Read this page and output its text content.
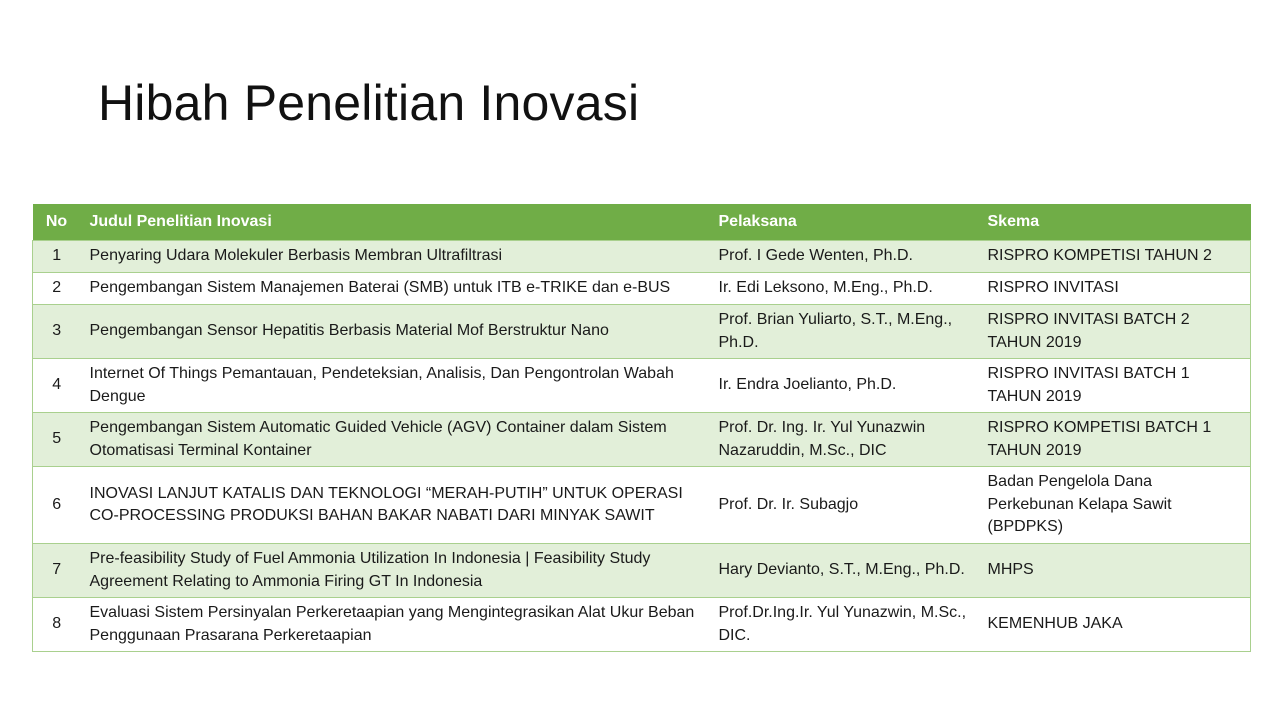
Hibah Penelitian Inovasi
No	Judul Penelitian Inovasi	Pelaksana	Skema
1	Penyaring Udara Molekuler Berbasis Membran Ultrafiltrasi	Prof. I Gede Wenten, Ph.D.	RISPRO KOMPETISI TAHUN 2
2	Pengembangan Sistem Manajemen Baterai (SMB) untuk ITB e-TRIKE dan e-BUS	Ir. Edi Leksono, M.Eng., Ph.D.	RISPRO INVITASI
3	Pengembangan Sensor Hepatitis Berbasis Material Mof Berstruktur Nano	Prof. Brian Yuliarto, S.T., M.Eng., Ph.D.	RISPRO INVITASI BATCH 2 TAHUN 2019
4	Internet Of Things Pemantauan, Pendeteksian, Analisis, Dan Pengontrolan Wabah Dengue	Ir. Endra Joelianto, Ph.D.	RISPRO INVITASI BATCH 1 TAHUN 2019
5	Pengembangan Sistem Automatic Guided Vehicle (AGV) Container dalam Sistem Otomatisasi Terminal Kontainer	Prof. Dr. Ing. Ir. Yul Yunazwin Nazaruddin, M.Sc., DIC	RISPRO KOMPETISI BATCH 1 TAHUN 2019
6	INOVASI LANJUT KATALIS DAN TEKNOLOGI “MERAH-PUTIH” UNTUK OPERASI CO-PROCESSING PRODUKSI BAHAN BAKAR NABATI DARI MINYAK SAWIT	Prof. Dr. Ir. Subagjo	Badan Pengelola Dana Perkebunan Kelapa Sawit (BPDPKS)
7	Pre-feasibility Study of Fuel Ammonia Utilization In Indonesia | Feasibility Study Agreement Relating to Ammonia Firing GT In Indonesia	Hary Devianto, S.T., M.Eng., Ph.D.	MHPS
8	Evaluasi Sistem Persinyalan Perkeretaapian yang Mengintegrasikan Alat Ukur Beban Penggunaan Prasarana Perkeretaapian	Prof.Dr.Ing.Ir. Yul Yunazwin, M.Sc., DIC.	KEMENHUB JAKA
